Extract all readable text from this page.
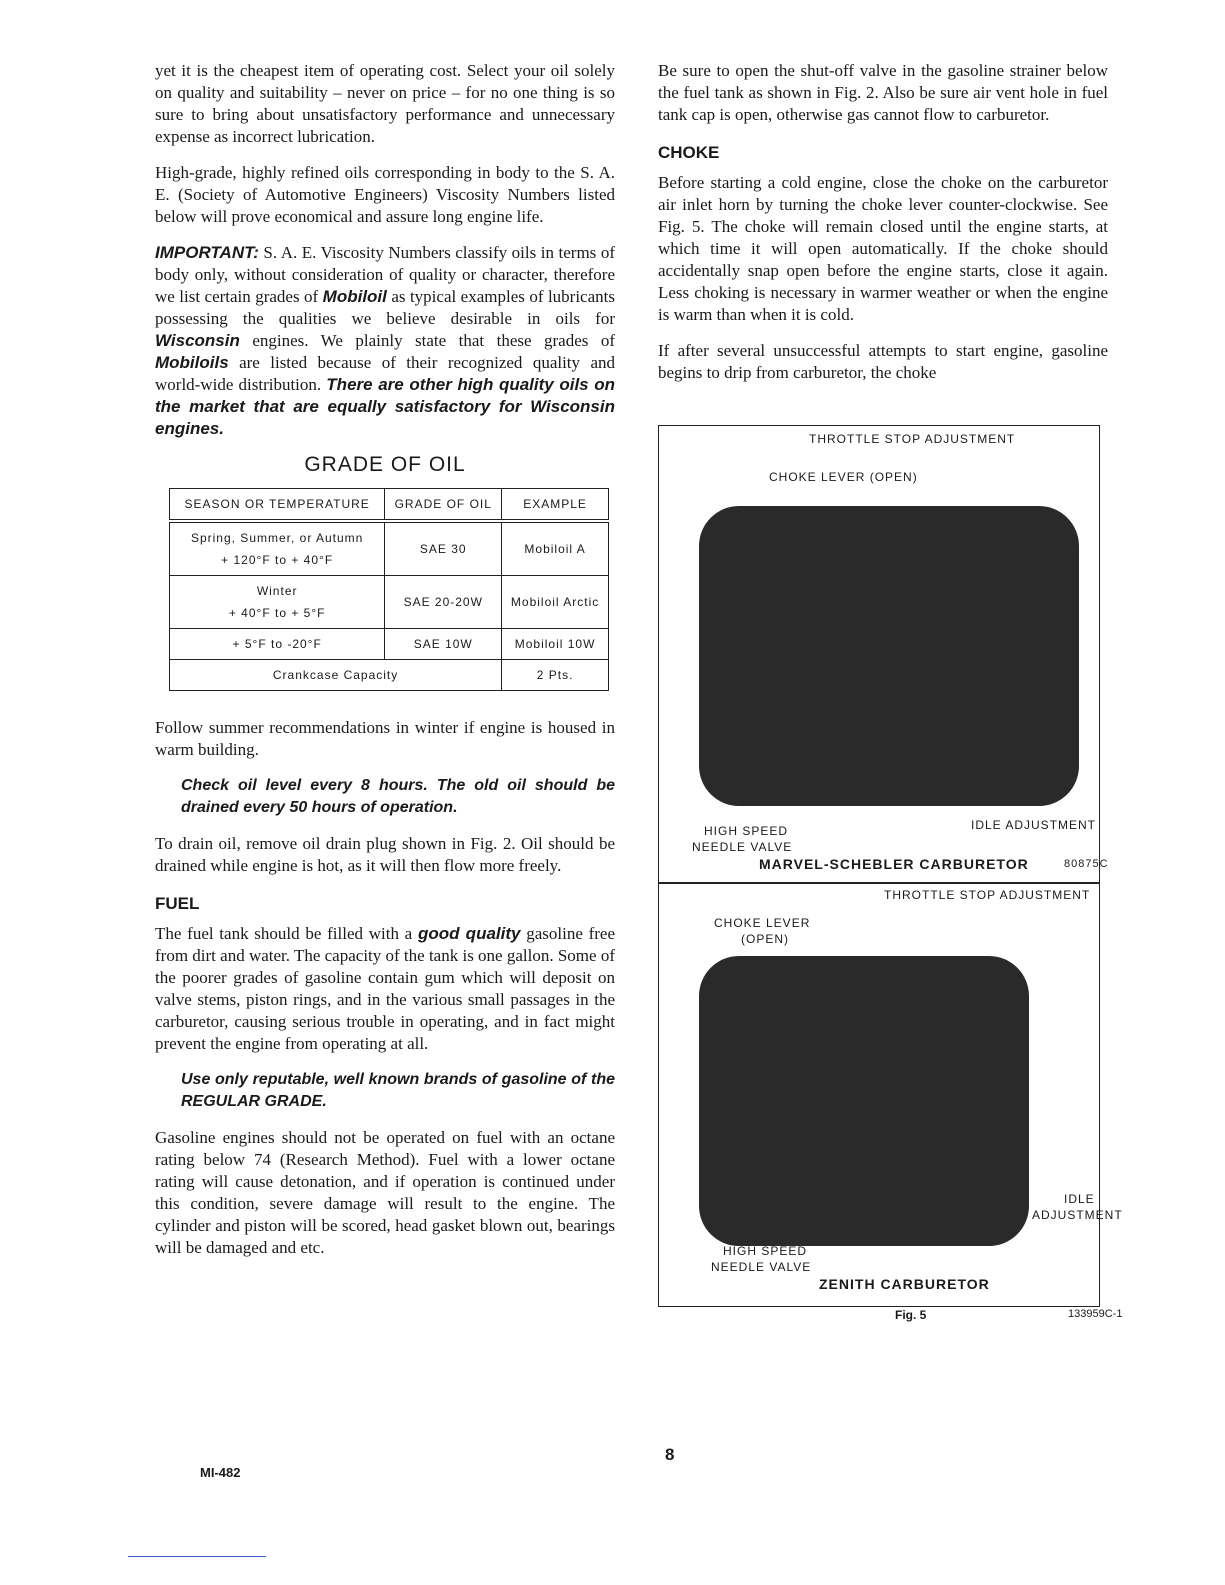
yet it is the cheapest item of operating cost. Select your oil solely on quality and suitability – never on price – for no one thing is so sure to bring about unsatisfactory performance and unnecessary expense as incorrect lubrication.

High-grade, highly refined oils corresponding in body to the S. A. E. (Society of Automotive Engineers) Viscosity Numbers listed below will prove economical and assure long engine life.

IMPORTANT: S. A. E. Viscosity Numbers classify oils in terms of body only, without consideration of quality or character, therefore we list certain grades of Mobiloil as typical examples of lubricants possessing the qualities we believe desirable in oils for Wisconsin engines. We plainly state that these grades of Mobiloils are listed because of their recognized quality and world-wide distribution. There are other high quality oils on the market that are equally satisfactory for Wisconsin engines.

GRADE OF OIL
SEASON OR TEMPERATURE	GRADE OF OIL	EXAMPLE

Spring, Summer, or Autumn
+ 120°F to + 40°F	SAE 30	Mobiloil A

Winter
+ 40°F to + 5°F	SAE 20-20W	Mobiloil Arctic
+ 5°F to -20°F	SAE 10W	Mobiloil 10W
Crankcase Capacity		2 Pts.

Follow summer recommendations in winter if engine is housed in warm building.

Check oil level every 8 hours. The old oil should be drained every 50 hours of operation.

To drain oil, remove oil drain plug shown in Fig. 2. Oil should be drained while engine is hot, as it will then flow more freely.

FUEL

The fuel tank should be filled with a good quality gasoline free from dirt and water. The capacity of the tank is one gallon. Some of the poorer grades of gasoline contain gum which will deposit on valve stems, piston rings, and in the various small passages in the carburetor, causing serious trouble in operating, and in fact might prevent the engine from operating at all.

Use only reputable, well known brands of gasoline of the REGULAR GRADE.

Gasoline engines should not be operated on fuel with an octane rating below 74 (Research Method). Fuel with a lower octane rating will cause detonation, and if operation is continued under this condition, severe damage will result to the engine. The cylinder and piston will be scored, head gasket blown out, bearings will be damaged and etc.

Be sure to open the shut-off valve in the gasoline strainer below the fuel tank as shown in Fig. 2. Also be sure air vent hole in fuel tank cap is open, otherwise gas cannot flow to carburetor.

CHOKE

Before starting a cold engine, close the choke on the carburetor air inlet horn by turning the choke lever counter-clockwise. See Fig. 5. The choke will remain closed until the engine starts, at which time it will open automatically. If the choke should accidentally snap open before the engine starts, close it again. Less choking is necessary in warmer weather or when the engine is warm than when it is cold.

If after several unsuccessful attempts to start engine, gasoline begins to drip from carburetor, the choke

THROTTLE STOP ADJUSTMENT
CHOKE LEVER (OPEN)
HIGH SPEED
NEEDLE VALVE
IDLE ADJUSTMENT
MARVEL-SCHEBLER CARBURETOR	80875C
THROTTLE STOP ADJUSTMENT
CHOKE LEVER
(OPEN)
IDLE
ADJUSTMENT
HIGH SPEED
NEEDLE VALVE
ZENITH CARBURETOR
Fig. 5	133959C-1
8
MI-482
